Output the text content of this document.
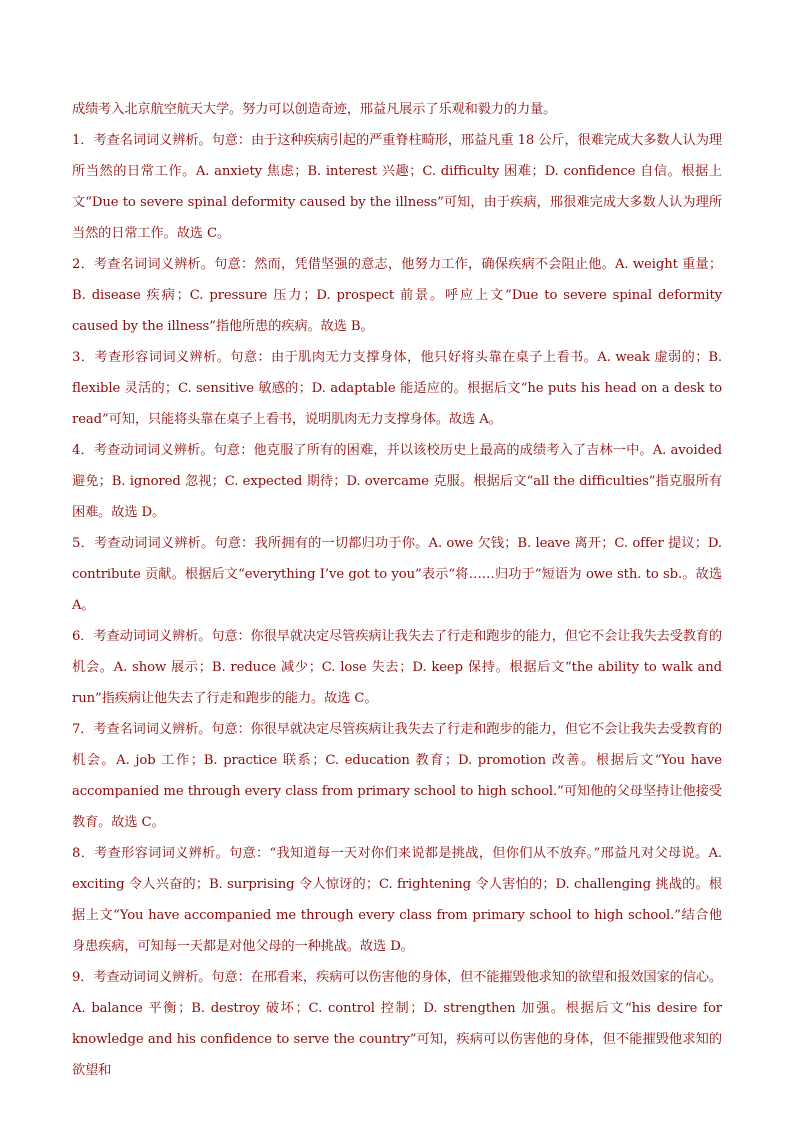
成绩考入北京航空航天大学。努力可以创造奇迹，邢益凡展示了乐观和毅力的力量。

1．考查名词词义辨析。句意：由于这种疾病引起的严重脊柱畸形，邢益凡重 18 公斤，很难完成大多数人认为理所当然的日常工作。A. anxiety 焦虑；B. interest 兴趣；C. difficulty 困难；D. confidence 自信。根据上文“Due to severe spinal deformity caused by the illness”可知，由于疾病，邢很难完成大多数人认为理所当然的日常工作。故选 C。

2．考查名词词义辨析。句意：然而，凭借坚强的意志，他努力工作，确保疾病不会阻止他。A. weight 重量；B. disease 疾病；C. pressure 压力；D. prospect 前景。呼应上文“Due to severe spinal deformity caused by the illness”指他所患的疾病。故选 B。

3．考查形容词词义辨析。句意：由于肌肉无力支撑身体，他只好将头靠在桌子上看书。A. weak 虚弱的；B. flexible 灵活的；C. sensitive 敏感的；D. adaptable 能适应的。根据后文“he puts his head on a desk to read”可知，只能将头靠在桌子上看书，说明肌肉无力支撑身体。故选 A。

4．考查动词词义辨析。句意：他克服了所有的困难，并以该校历史上最高的成绩考入了吉林一中。A. avoided 避免；B. ignored 忽视；C. expected 期待；D. overcame 克服。根据后文“all the difficulties”指克服所有困难。故选 D。

5．考查动词词义辨析。句意：我所拥有的一切都归功于你。A. owe 欠钱；B. leave 离开；C. offer 提议；D. contribute 贡献。根据后文“everything I’ve got to you”表示“将……归功于”短语为 owe sth. to sb.。故选 A。

6．考查动词词义辨析。句意：你很早就决定尽管疾病让我失去了行走和跑步的能力，但它不会让我失去受教育的机会。A. show 展示；B. reduce 减少；C. lose 失去；D. keep 保持。根据后文“the ability to walk and run”指疾病让他失去了行走和跑步的能力。故选 C。

7．考查名词词义辨析。句意：你很早就决定尽管疾病让我失去了行走和跑步的能力，但它不会让我失去受教育的机会。A. job 工作；B. practice 联系；C. education 教育；D. promotion 改善。根据后文“You have accompanied me through every class from primary school to high school.”可知他的父母坚持让他接受教育。故选 C。

8．考查形容词词义辨析。句意：“我知道每一天对你们来说都是挑战，但你们从不放弃。”邢益凡对父母说。A. exciting 令人兴奋的；B. surprising 令人惊讶的；C. frightening 令人害怕的；D. challenging 挑战的。根据上文“You have accompanied me through every class from primary school to high school.”结合他身患疾病，可知每一天都是对他父母的一种挑战。故选 D。

9．考查动词词义辨析。句意：在邢看来，疾病可以伤害他的身体，但不能摧毁他求知的欲望和报效国家的信心。A. balance 平衡；B. destroy 破坏；C. control 控制；D. strengthen 加强。根据后文“his desire for knowledge and his confidence to serve the country”可知，疾病可以伤害他的身体，但不能摧毁他求知的欲望和
